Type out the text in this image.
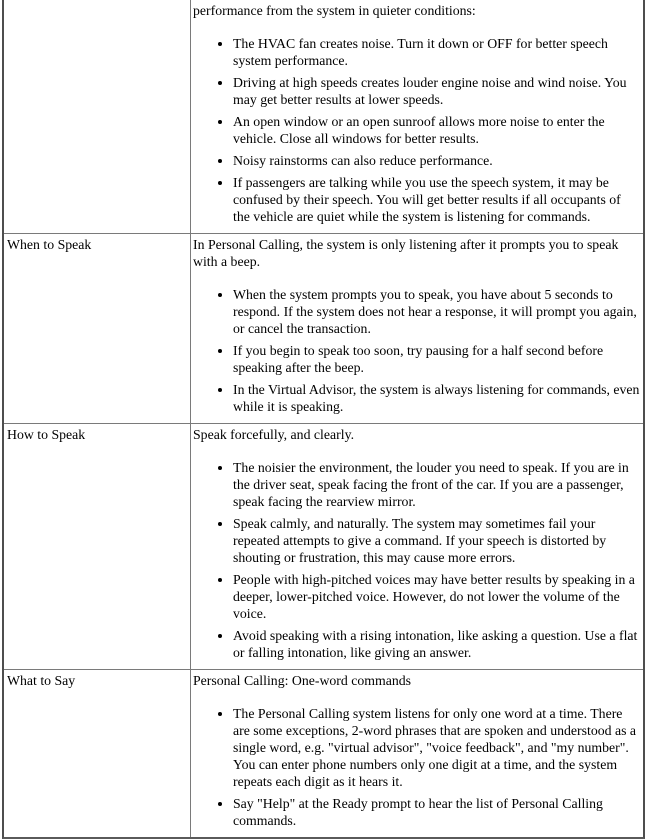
performance from the system in quieter conditions:

• The HVAC fan creates noise. Turn it down or OFF for better speech system performance.
• Driving at high speeds creates louder engine noise and wind noise. You may get better results at lower speeds.
• An open window or an open sunroof allows more noise to enter the vehicle. Close all windows for better results.
• Noisy rainstorms can also reduce performance.
• If passengers are talking while you use the speech system, it may be confused by their speech. You will get better results if all occupants of the vehicle are quiet while the system is listening for commands.
When to Speak	In Personal Calling, the system is only listening after it prompts you to speak with a beep.

• When the system prompts you to speak, you have about 5 seconds to respond. If the system does not hear a response, it will prompt you again, or cancel the transaction.
• If you begin to speak too soon, try pausing for a half second before speaking after the beep.
• In the Virtual Advisor, the system is always listening for commands, even while it is speaking.
How to Speak	Speak forcefully, and clearly.

• The noisier the environment, the louder you need to speak. If you are in the driver seat, speak facing the front of the car. If you are a passenger, speak facing the rearview mirror.
• Speak calmly, and naturally. The system may sometimes fail your repeated attempts to give a command. If your speech is distorted by shouting or frustration, this may cause more errors.
• People with high-pitched voices may have better results by speaking in a deeper, lower-pitched voice. However, do not lower the volume of the voice.
• Avoid speaking with a rising intonation, like asking a question. Use a flat or falling intonation, like giving an answer.
What to Say	Personal Calling: One-word commands

• The Personal Calling system listens for only one word at a time. There are some exceptions, 2-word phrases that are spoken and understood as a single word, e.g. "virtual advisor", "voice feedback", and "my number". You can enter phone numbers only one digit at a time, and the system repeats each digit as it hears it.
• Say "Help" at the Ready prompt to hear the list of Personal Calling commands.
